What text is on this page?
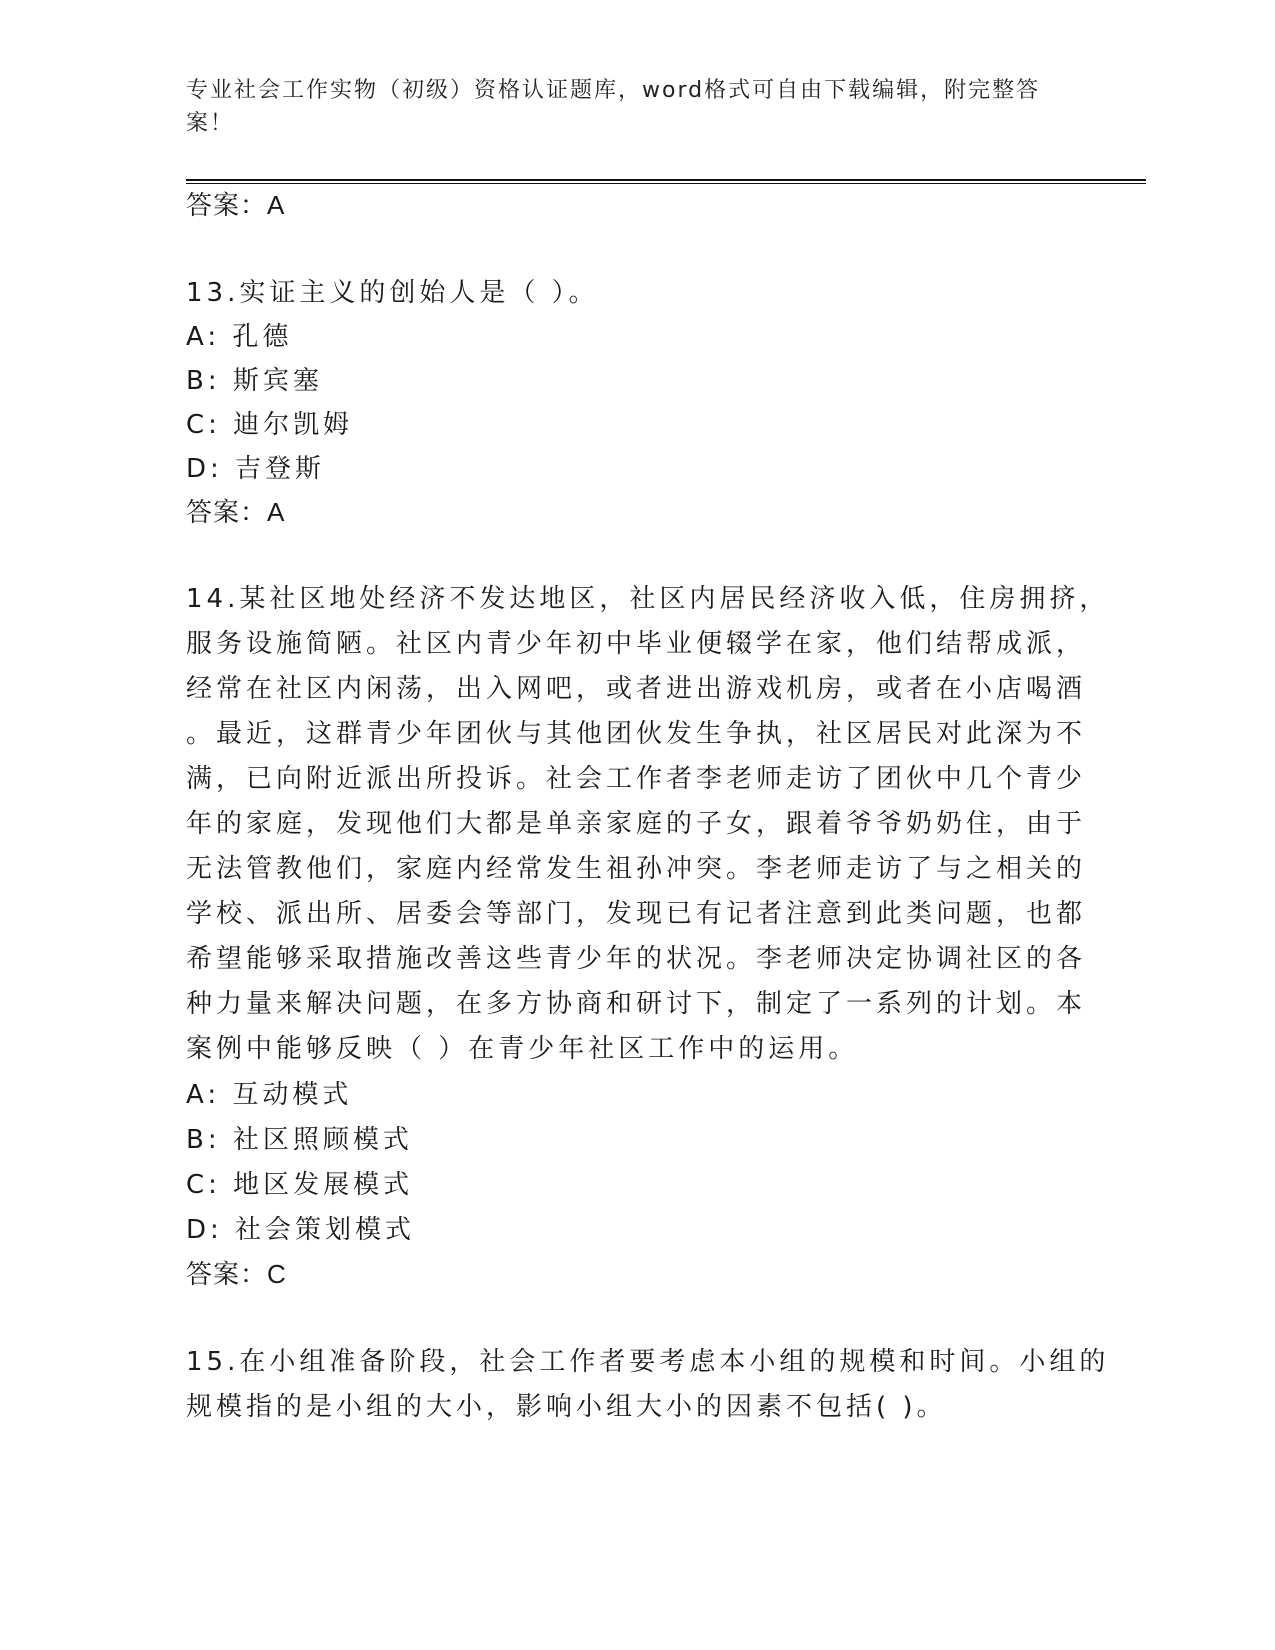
专业社会工作实物（初级）资格认证题库，word格式可自由下载编辑，附完整答案！
答案：A
13.实证主义的创始人是（ ）。
A: 孔德
B: 斯宾塞
C: 迪尔凯姆
D: 吉登斯
答案：A
14.某社区地处经济不发达地区，社区内居民经济收入低，住房拥挤，
服务设施简陋。社区内青少年初中毕业便辍学在家，他们结帮成派，
经常在社区内闲荡，出入网吧，或者进出游戏机房，或者在小店喝酒
。最近，这群青少年团伙与其他团伙发生争执，社区居民对此深为不
满，已向附近派出所投诉。社会工作者李老师走访了团伙中几个青少
年的家庭，发现他们大都是单亲家庭的子女，跟着爷爷奶奶住，由于
无法管教他们，家庭内经常发生祖孙冲突。李老师走访了与之相关的
学校、派出所、居委会等部门，发现已有记者注意到此类问题，也都
希望能够采取措施改善这些青少年的状况。李老师决定协调社区的各
种力量来解决问题，在多方协商和研讨下，制定了一系列的计划。本
案例中能够反映（ ）在青少年社区工作中的运用。
A: 互动模式
B: 社区照顾模式
C: 地区发展模式
D: 社会策划模式
答案：C
15.在小组准备阶段，社会工作者要考虑本小组的规模和时间。小组的
规模指的是小组的大小，影响小组大小的因素不包括( )。
